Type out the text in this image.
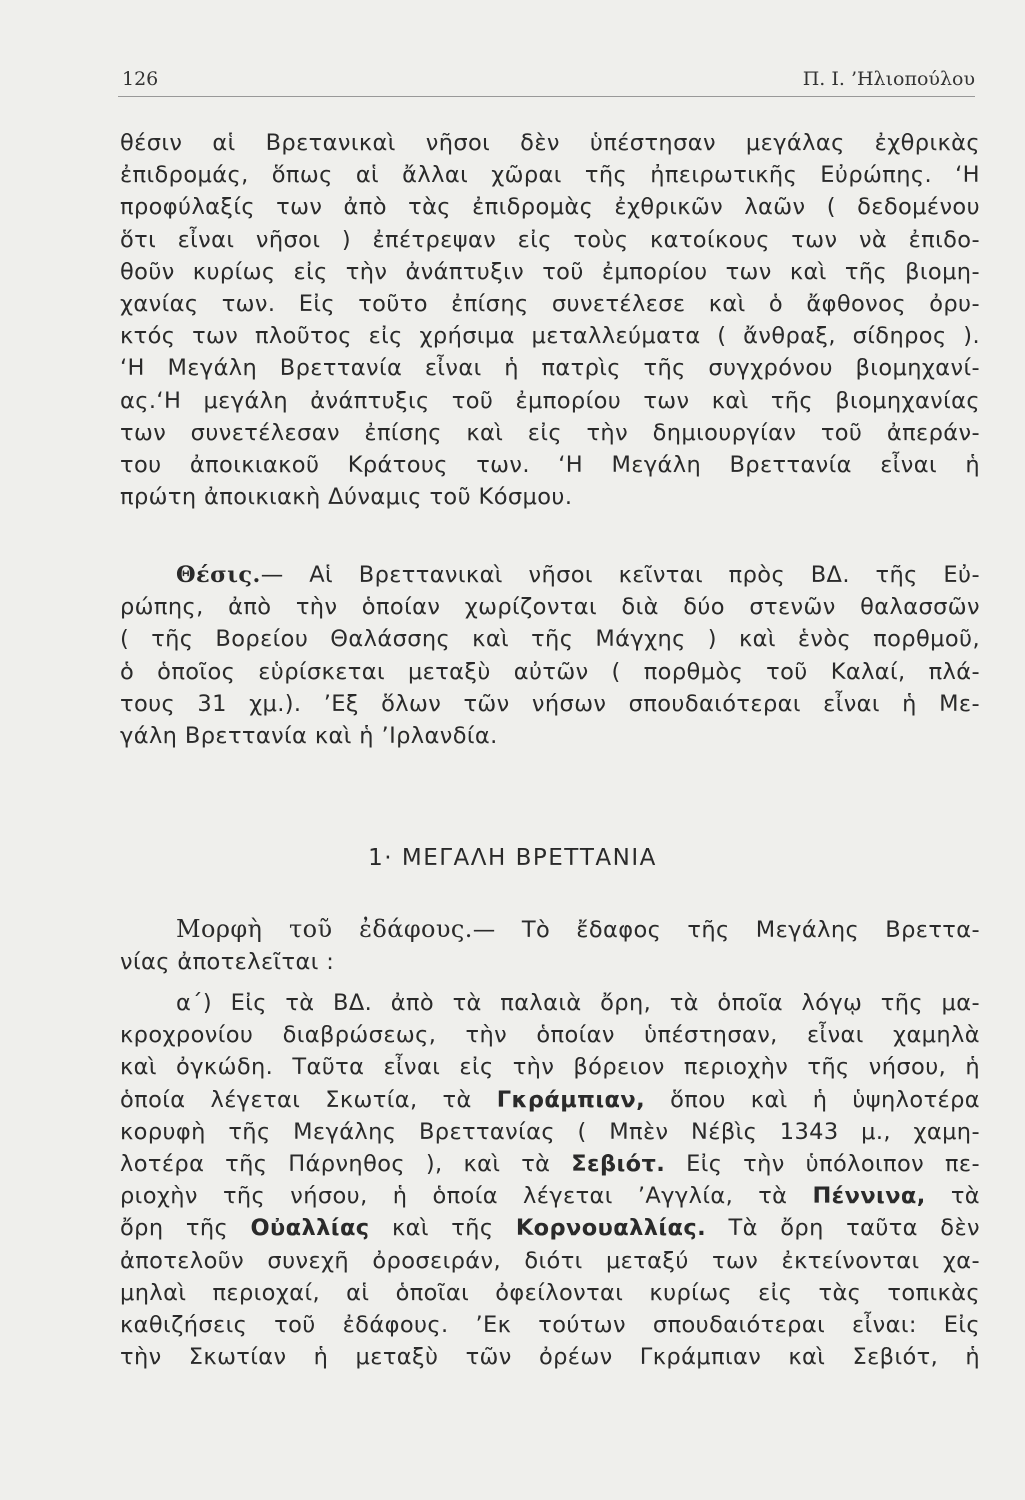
126	Π. Ι. ’Ηλιοπούλου
θέσιν αἱ Βρετανικαὶ νῆσοι δὲν ὑπέστησαν μεγάλας ἐχθρικὰς
ἐπιδρομάς, ὅπως αἱ ἄλλαι χῶραι τῆς ἠπειρωτικῆς Εὐρώπης. ‘Η
προφύλαξίς των ἀπὸ τὰς ἐπιδρομὰς ἐχθρικῶν λαῶν ( δεδομένου
ὅτι εἶναι νῆσοι ) ἐπέτρεψαν εἰς τοὺς κατοίκους των νὰ ἐπιδο-
θοῦν κυρίως εἰς τὴν ἀνάπτυξιν τοῦ ἐμπορίου των καὶ τῆς βιομη-
χανίας των. Εἰς τοῦτο ἐπίσης συνετέλεσε καὶ ὁ ἄφθονος ὀρυ-
κτός των πλοῦτος εἰς χρήσιμα μεταλλεύματα ( ἄνθραξ, σίδηρος ).
‘Η Μεγάλη Βρεττανία εἶναι ἡ πατρὶς τῆς συγχρόνου βιομηχανί-
ας.‘Η μεγάλη ἀνάπτυξις τοῦ ἐμπορίου των καὶ τῆς βιομηχανίας
των συνετέλεσαν ἐπίσης καὶ εἰς τὴν δημιουργίαν τοῦ ἀπεράν-
του ἀποικιακοῦ Κράτους των. ‘Η Μεγάλη Βρεττανία εἶναι ἡ
πρώτη ἀποικιακὴ Δύναμις τοῦ Κόσμου.
Θέσις.— Αἱ Βρεττανικαὶ νῆσοι κεῖνται πρὸς ΒΔ. τῆς Εὐ-
ρώπης, ἀπὸ τὴν ὁποίαν χωρίζονται διὰ δύο στενῶν θαλασσῶν
( τῆς Βορείου Θαλάσσης καὶ τῆς Μάγχης ) καὶ ἑνὸς πορθμοῦ,
ὁ ὁποῖος εὑρίσκεται μεταξὺ αὐτῶν ( πορθμὸς τοῦ Καλαί, πλά-
τους 31 χμ.). ’Εξ ὅλων τῶν νήσων σπουδαιότεραι εἶναι ἡ Με-
γάλη Βρεττανία καὶ ἡ ’Ιρλανδία.
1· ΜΕΓΑΛΗ ΒΡΕΤΤΑΝΙΑ
Μορφὴ τοῦ ἐδάφους.— Τὸ ἔδαφος τῆς Μεγάλης Βρεττα-
νίας ἀποτελεῖται :
α΄) Εἰς τὰ ΒΔ. ἀπὸ τὰ παλαιὰ ὄρη, τὰ ὁποῖα λόγῳ τῆς μα-
κροχρονίου διαβρώσεως, τὴν ὁποίαν ὑπέστησαν, εἶναι χαμηλὰ
καὶ ὀγκώδη. Ταῦτα εἶναι εἰς τὴν βόρειον περιοχὴν τῆς νήσου, ἡ
ὁποία λέγεται Σκωτία, τὰ Γκράμπιαν, ὅπου καὶ ἡ ὑψηλοτέρα
κορυφὴ τῆς Μεγάλης Βρεττανίας ( Μπὲν Νέβὶς 1343 μ., χαμη-
λοτέρα τῆς Πάρνηθος ), καὶ τὰ Σεβιότ. Εἰς τὴν ὑπόλοιπον πε-
ριοχὴν τῆς νήσου, ἡ ὁποία λέγεται ’Αγγλία, τὰ Πέννινα, τὰ
ὄρη τῆς Οὐαλλίας καὶ τῆς Κορνουαλλίας. Τὰ ὄρη ταῦτα δὲν
ἀποτελοῦν συνεχῆ ὀροσειράν, διότι μεταξύ των ἐκτείνονται χα-
μηλαὶ περιοχαί, αἱ ὁποῖαι ὀφείλονται κυρίως εἰς τὰς τοπικὰς
καθιζήσεις τοῦ ἐδάφους. ’Εκ τούτων σπουδαιότεραι εἶναι: Εἰς
τὴν Σκωτίαν ἡ μεταξὺ τῶν ὀρέων Γκράμπιαν καὶ Σεβιότ, ἡ
